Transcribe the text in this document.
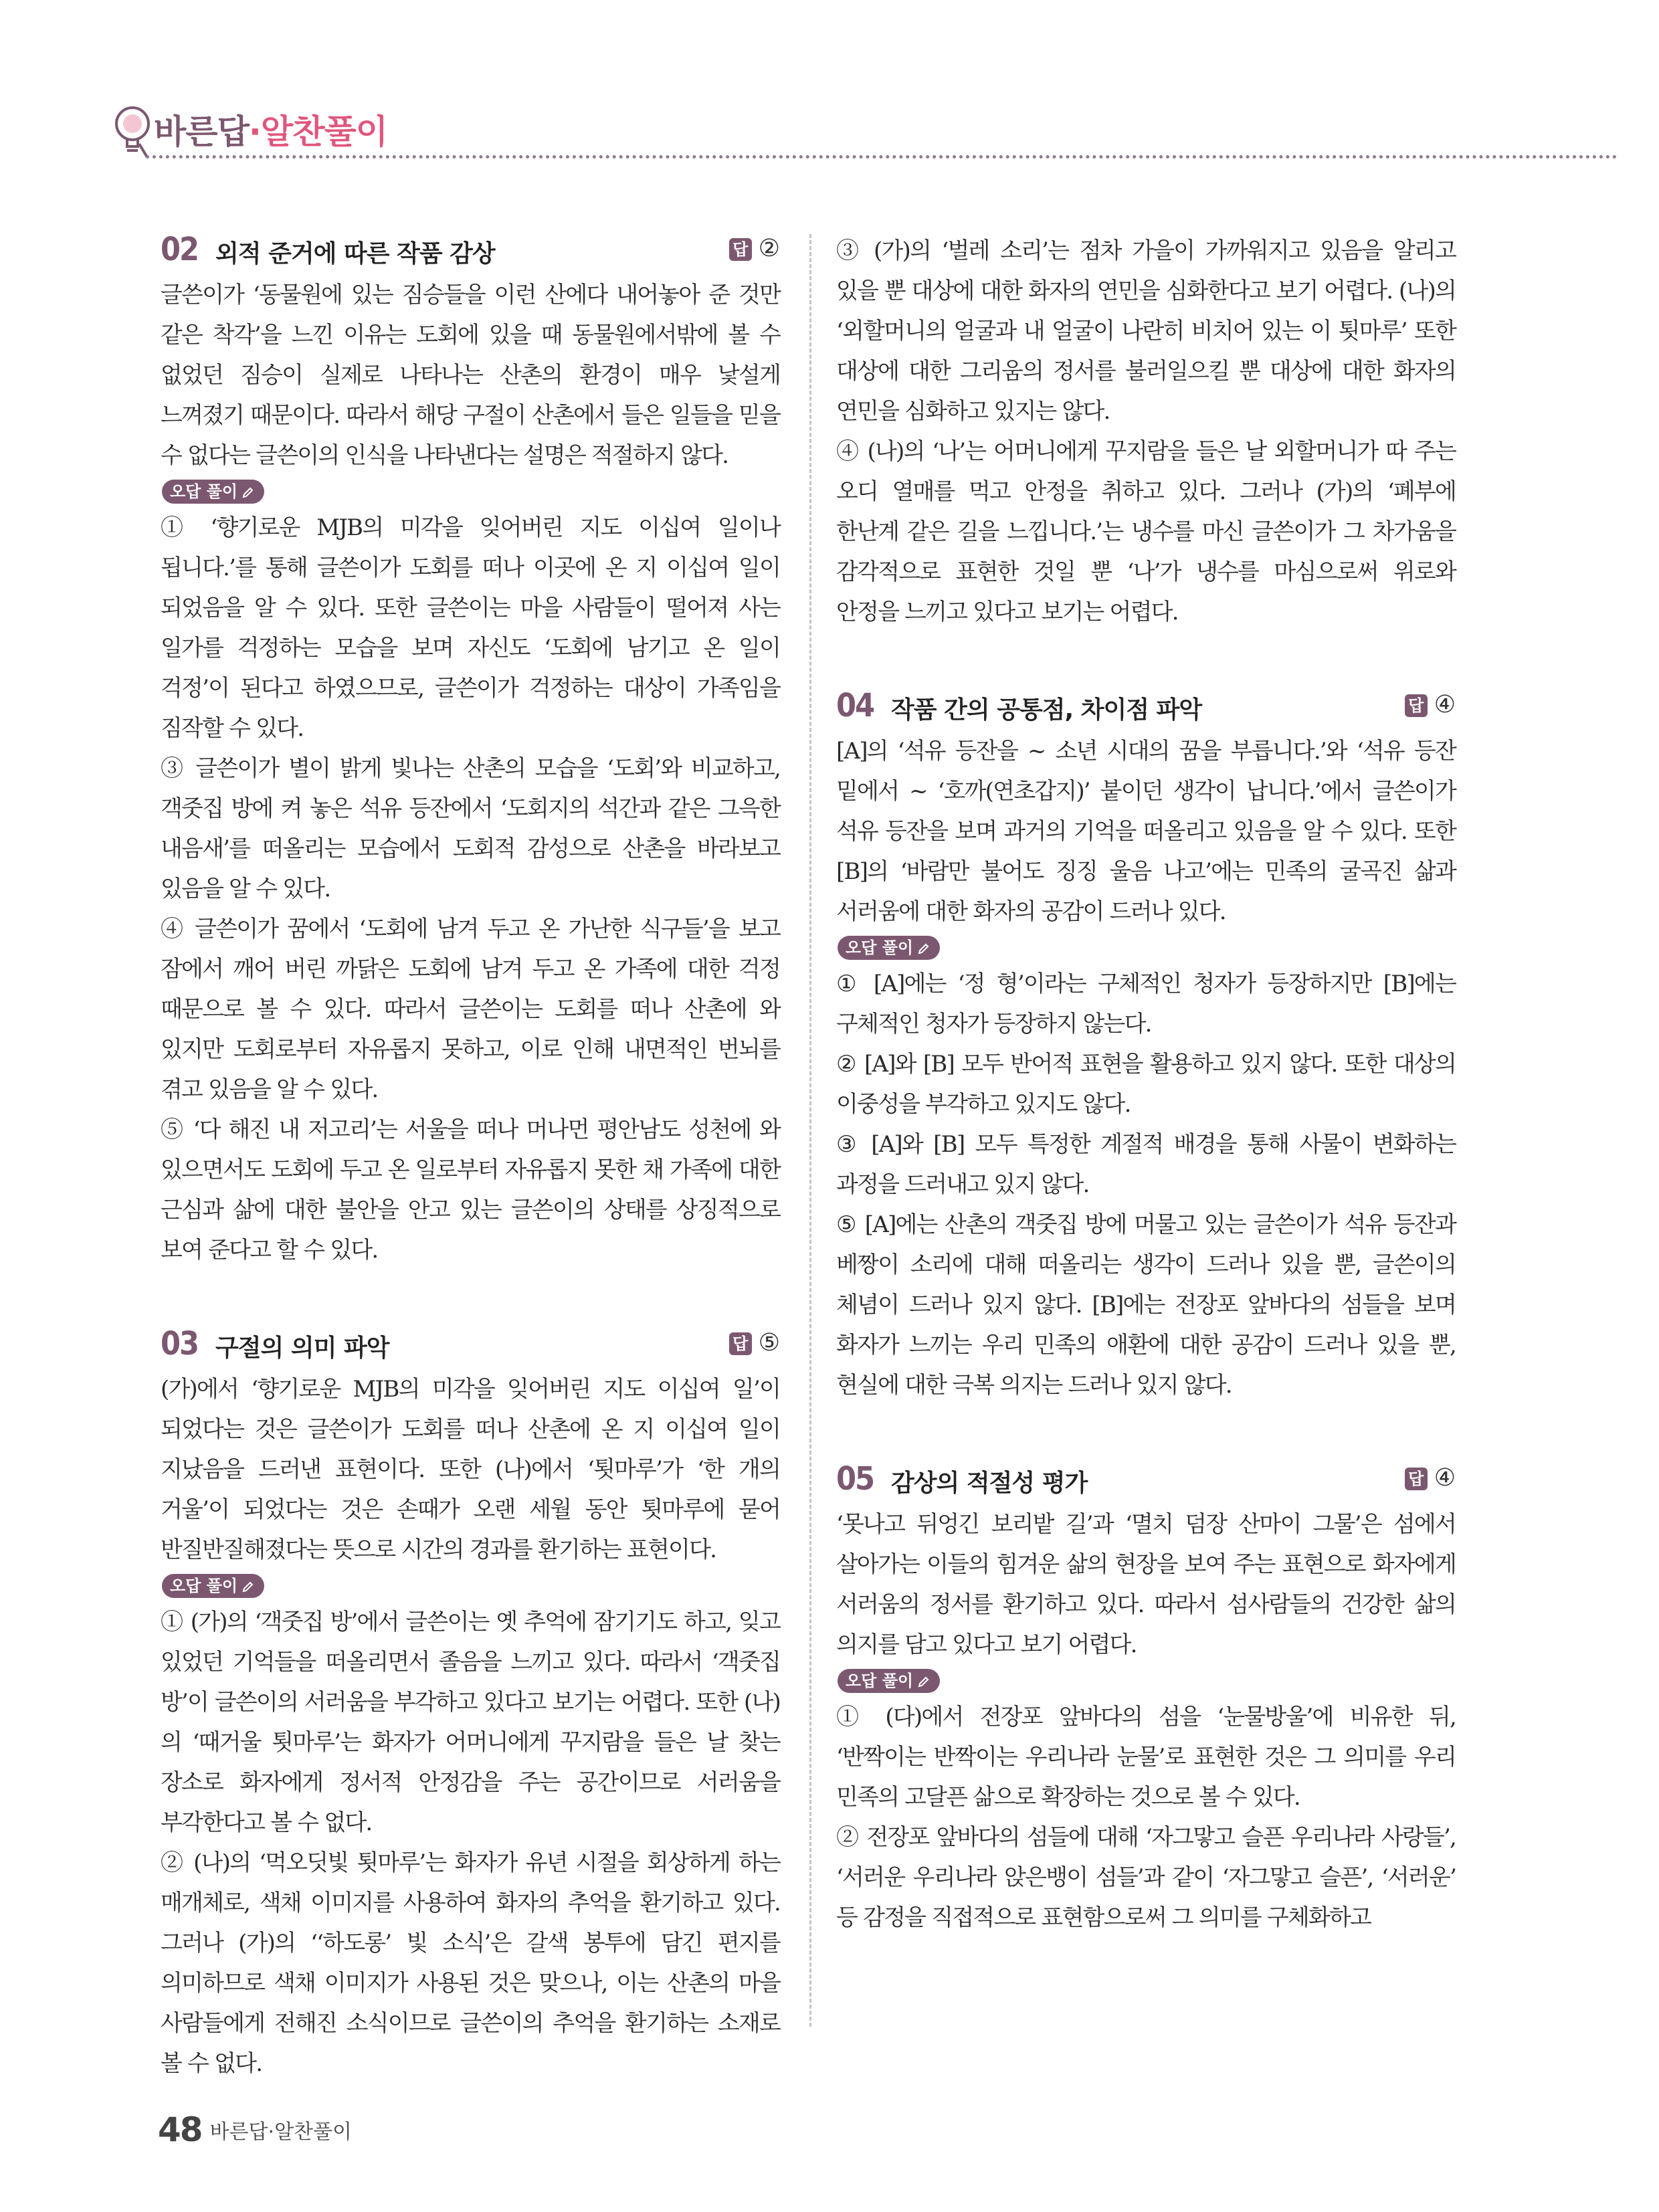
바른답·알찬풀이
02 외적 준거에 따른 작품 감상	답 ②

글쓴이가 ‘동물원에 있는 짐승들을 이런 산에다 내어놓아 준 것만 같은 착각’을 느낀 이유는 도회에 있을 때 동물원에서밖에 볼 수 없었던 짐승이 실제로 나타나는 산촌의 환경이 매우 낯설게 느껴졌기 때문이다. 따라서 해당 구절이 산촌에서 들은 일들을 믿을 수 없다는 글쓴이의 인식을 나타낸다는 설명은 적절하지 않다.

오답 풀이

① ‘향기로운 MJB의 미각을 잊어버린 지도 이십여 일이나 됩니다.’를 통해 글쓴이가 도회를 떠나 이곳에 온 지 이십여 일이 되었음을 알 수 있다. 또한 글쓴이는 마을 사람들이 떨어져 사는 일가를 걱정하는 모습을 보며 자신도 ‘도회에 남기고 온 일이 걱정’이 된다고 하였으므로, 글쓴이가 걱정하는 대상이 가족임을 짐작할 수 있다.

③ 글쓴이가 별이 밝게 빛나는 산촌의 모습을 ‘도회’와 비교하고, 객줏집 방에 켜 놓은 석유 등잔에서 ‘도회지의 석간과 같은 그윽한 내음새’를 떠올리는 모습에서 도회적 감성으로 산촌을 바라보고 있음을 알 수 있다.

④ 글쓴이가 꿈에서 ‘도회에 남겨 두고 온 가난한 식구들’을 보고 잠에서 깨어 버린 까닭은 도회에 남겨 두고 온 가족에 대한 걱정 때문으로 볼 수 있다. 따라서 글쓴이는 도회를 떠나 산촌에 와 있지만 도회로부터 자유롭지 못하고, 이로 인해 내면적인 번뇌를 겪고 있음을 알 수 있다.

⑤ ‘다 해진 내 저고리’는 서울을 떠나 머나먼 평안남도 성천에 와 있으면서도 도회에 두고 온 일로부터 자유롭지 못한 채 가족에 대한 근심과 삶에 대한 불안을 안고 있는 글쓴이의 상태를 상징적으로 보여 준다고 할 수 있다.

03 구절의 의미 파악	답 ⑤

(가)에서 ‘향기로운 MJB의 미각을 잊어버린 지도 이십여 일’이 되었다는 것은 글쓴이가 도회를 떠나 산촌에 온 지 이십여 일이 지났음을 드러낸 표현이다. 또한 (나)에서 ‘툇마루’가 ‘한 개의 거울’이 되었다는 것은 손때가 오랜 세월 동안 툇마루에 묻어 반질반질해졌다는 뜻으로 시간의 경과를 환기하는 표현이다.

오답 풀이

① (가)의 ‘객줏집 방’에서 글쓴이는 옛 추억에 잠기기도 하고, 잊고 있었던 기억들을 떠올리면서 졸음을 느끼고 있다. 따라서 ‘객줏집 방’이 글쓴이의 서러움을 부각하고 있다고 보기는 어렵다. 또한 (나)의 ‘때거울 툇마루’는 화자가 어머니에게 꾸지람을 들은 날 찾는 장소로 화자에게 정서적 안정감을 주는 공간이므로 서러움을 부각한다고 볼 수 없다.

② (나)의 ‘먹오딧빛 툇마루’는 화자가 유년 시절을 회상하게 하는 매개체로, 색채 이미지를 사용하여 화자의 추억을 환기하고 있다. 그러나 (가)의 ‘‘하도롱’ 빛 소식’은 갈색 봉투에 담긴 편지를 의미하므로 색채 이미지가 사용된 것은 맞으나, 이는 산촌의 마을 사람들에게 전해진 소식이므로 글쓴이의 추억을 환기하는 소재로 볼 수 없다.

③ (가)의 ‘벌레 소리’는 점차 가을이 가까워지고 있음을 알리고 있을 뿐 대상에 대한 화자의 연민을 심화한다고 보기 어렵다. (나)의 ‘외할머니의 얼굴과 내 얼굴이 나란히 비치어 있는 이 툇마루’ 또한 대상에 대한 그리움의 정서를 불러일으킬 뿐 대상에 대한 화자의 연민을 심화하고 있지는 않다.

④ (나)의 ‘나’는 어머니에게 꾸지람을 들은 날 외할머니가 따 주는 오디 열매를 먹고 안정을 취하고 있다. 그러나 (가)의 ‘폐부에 한난계 같은 길을 느낍니다.’는 냉수를 마신 글쓴이가 그 차가움을 감각적으로 표현한 것일 뿐 ‘나’가 냉수를 마심으로써 위로와 안정을 느끼고 있다고 보기는 어렵다.

04 작품 간의 공통점, 차이점 파악	답 ④

[A]의 ‘석유 등잔을 ~ 소년 시대의 꿈을 부릅니다.’와 ‘석유 등잔 밑에서 ~ ‘호까(연초갑지)’ 붙이던 생각이 납니다.’에서 글쓴이가 석유 등잔을 보며 과거의 기억을 떠올리고 있음을 알 수 있다. 또한 [B]의 ‘바람만 불어도 징징 울음 나고’에는 민족의 굴곡진 삶과 서러움에 대한 화자의 공감이 드러나 있다.

오답 풀이

① [A]에는 ‘정 형’이라는 구체적인 청자가 등장하지만 [B]에는 구체적인 청자가 등장하지 않는다.

② [A]와 [B] 모두 반어적 표현을 활용하고 있지 않다. 또한 대상의 이중성을 부각하고 있지도 않다.

③ [A]와 [B] 모두 특정한 계절적 배경을 통해 사물이 변화하는 과정을 드러내고 있지 않다.

⑤ [A]에는 산촌의 객줏집 방에 머물고 있는 글쓴이가 석유 등잔과 베짱이 소리에 대해 떠올리는 생각이 드러나 있을 뿐, 글쓴이의 체념이 드러나 있지 않다. [B]에는 전장포 앞바다의 섬들을 보며 화자가 느끼는 우리 민족의 애환에 대한 공감이 드러나 있을 뿐, 현실에 대한 극복 의지는 드러나 있지 않다.

05 감상의 적절성 평가	답 ④

‘못나고 뒤엉긴 보리밭 길’과 ‘멸치 덤장 산마이 그물’은 섬에서 살아가는 이들의 힘겨운 삶의 현장을 보여 주는 표현으로 화자에게 서러움의 정서를 환기하고 있다. 따라서 섬사람들의 건강한 삶의 의지를 담고 있다고 보기 어렵다.

오답 풀이

① (다)에서 전장포 앞바다의 섬을 ‘눈물방울’에 비유한 뒤, ‘반짝이는 반짝이는 우리나라 눈물’로 표현한 것은 그 의미를 우리 민족의 고달픈 삶으로 확장하는 것으로 볼 수 있다.

② 전장포 앞바다의 섬들에 대해 ‘자그맣고 슬픈 우리나라 사랑들’, ‘서러운 우리나라 앉은뱅이 섬들’과 같이 ‘자그맣고 슬픈’, ‘서러운’ 등 감정을 직접적으로 표현함으로써 그 의미를 구체화하고

48 바른답·알찬풀이
